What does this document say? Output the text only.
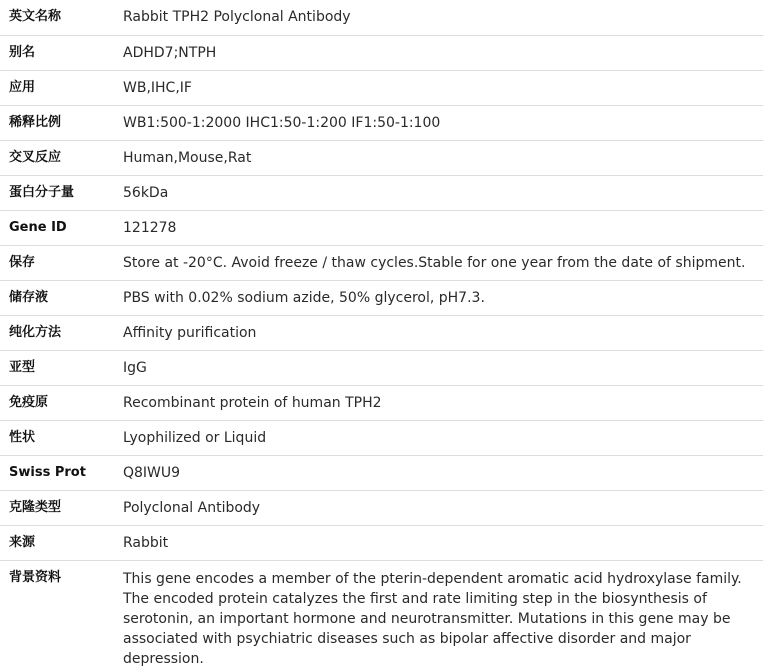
英文名称	Rabbit TPH2 Polyclonal Antibody
别名	ADHD7;NTPH
应用	WB,IHC,IF
稀释比例	WB1:500-1:2000 IHC1:50-1:200 IF1:50-1:100
交叉反应	Human,Mouse,Rat
蛋白分子量	56kDa
Gene ID	121278
保存	Store at -20°C. Avoid freeze / thaw cycles.Stable for one year from the date of shipment.
储存液	PBS with 0.02% sodium azide, 50% glycerol, pH7.3.
纯化方法	Affinity purification
亚型	IgG
免疫原	Recombinant protein of human TPH2
性状	Lyophilized or Liquid
Swiss Prot	Q8IWU9
克隆类型	Polyclonal Antibody
来源	Rabbit
背景资料	This gene encodes a member of the pterin-dependent aromatic acid hydroxylase family. The encoded protein catalyzes the first and rate limiting step in the biosynthesis of serotonin, an important hormone and neurotransmitter. Mutations in this gene may be associated with psychiatric diseases such as bipolar affective disorder and major depression.
